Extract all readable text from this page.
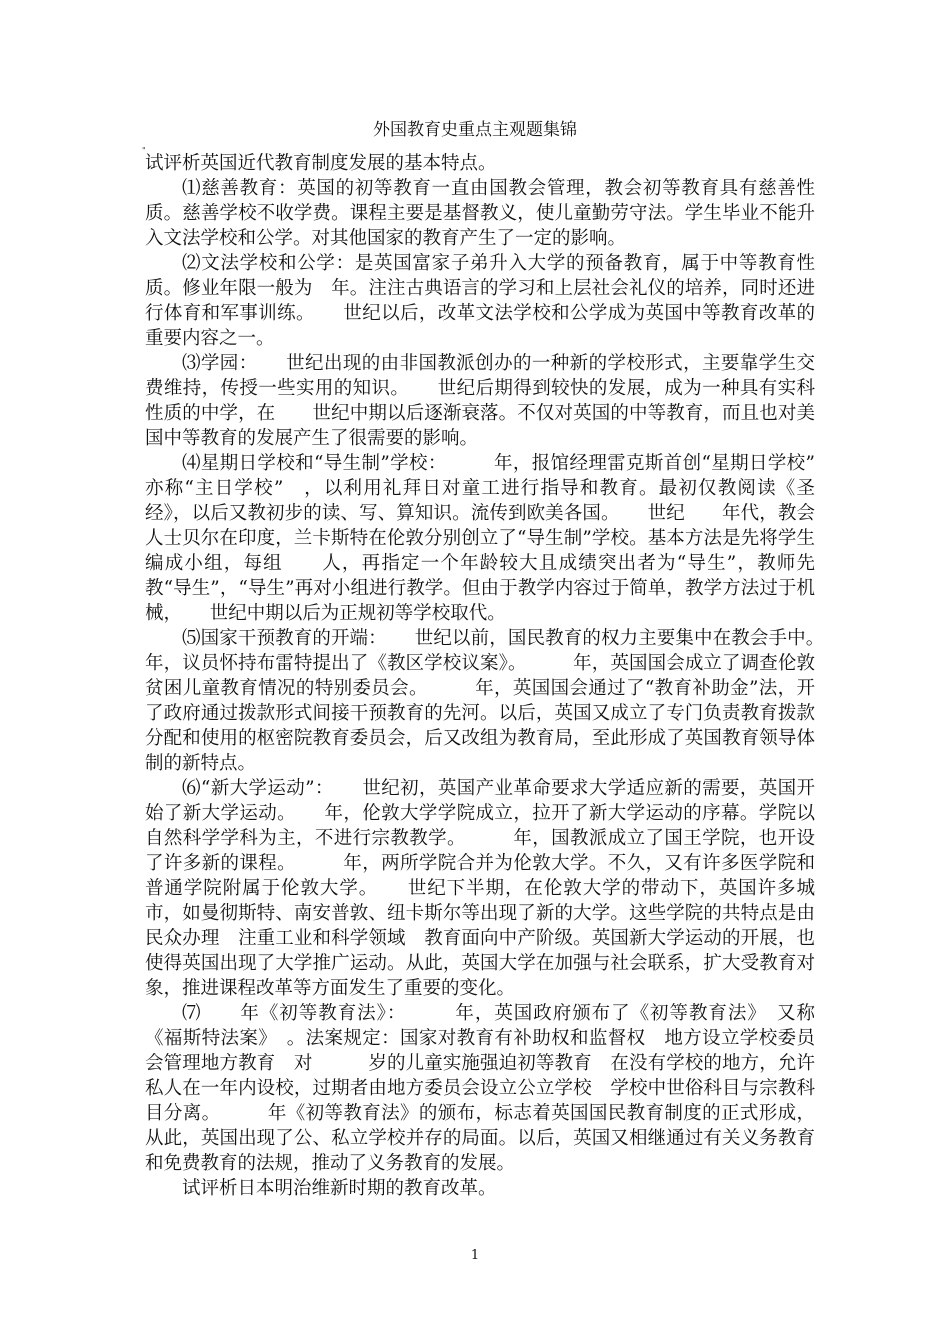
外国教育史重点主观题集锦
"

试评析英国近代教育制度发展的基本特点。

⑴慈善教育：英国的初等教育一直由国教会管理，教会初等教育具有慈善性质。慈善学校不收学费。课程主要是基督教义，使儿童勤劳守法。学生毕业不能升入文法学校和公学。对其他国家的教育产生了一定的影响。

⑵文法学校和公学：是英国富家子弟升入大学的预备教育，属于中等教育性质。修业年限一般为　年。注注古典语言的学习和上层社会礼仪的培养，同时还进行体育和军事训练。　　世纪以后，改革文法学校和公学成为英国中等教育改革的重要内容之一。

⑶学园：　　世纪出现的由非国教派创办的一种新的学校形式，主要靠学生交费维持，传授一些实用的知识。　　世纪后期得到较快的发展，成为一种具有实科性质的中学，在　　世纪中期以后逐渐衰落。不仅对英国的中等教育，而且也对美国中等教育的发展产生了很需要的影响。

⑷星期日学校和“导生制”学校：　　　年，报馆经理雷克斯首创“星期日学校”　亦称“主日学校”　，以利用礼拜日对童工进行指导和教育。最初仅教阅读《圣经》，以后又教初步的读、写、算知识。流传到欧美各国。　　世纪　　年代，教会人士贝尔在印度，兰卡斯特在伦敦分别创立了“导生制”学校。基本方法是先将学生编成小组，每组　　人，再指定一个年龄较大且成绩突出者为“导生”，教师先教“导生”，“导生”再对小组进行教学。但由于教学内容过于简单，教学方法过于机械，　　世纪中期以后为正规初等学校取代。

⑸国家干预教育的开端：　　世纪以前，国民教育的权力主要集中在教会手中。　　　年，议员怀持布雷特提出了《教区学校议案》。　　　年，英国国会成立了调查伦敦贫困儿童教育情况的特别委员会。　　　年，英国国会通过了“教育补助金”法，开了政府通过拨款形式间接干预教育的先河。以后，英国又成立了专门负责教育拨款分配和使用的枢密院教育委员会，后又改组为教育局，至此形成了英国教育领导体制的新特点。

⑹“新大学运动”：　　世纪初，英国产业革命要求大学适应新的需要，英国开始了新大学运动。　　年，伦敦大学学院成立，拉开了新大学运动的序幕。学院以自然科学学科为主，不进行宗教教学。　　　年，国教派成立了国王学院，也开设了许多新的课程。　　　年，两所学院合并为伦敦大学。不久，又有许多医学院和普通学院附属于伦敦大学。　　世纪下半期，在伦敦大学的带动下，英国许多城市，如曼彻斯特、南安普敦、纽卡斯尔等出现了新的大学。这些学院的共特点是由民众办理　注重工业和科学领域　教育面向中产阶级。英国新大学运动的开展，也使得英国出现了大学推广运动。从此，英国大学在加强与社会联系，扩大受教育对象，推进课程改革等方面发生了重要的变化。

⑺　　年《初等教育法》：　　　年，英国政府颁布了《初等教育法》　又称《福斯特法案》　。法案规定：国家对教育有补助权和监督权　地方设立学校委员会管理地方教育　对　　　岁的儿童实施强迫初等教育　在没有学校的地方，允许私人在一年内设校，过期者由地方委员会设立公立学校　学校中世俗科目与宗教科目分离。　　　年《初等教育法》的颁布，标志着英国国民教育制度的正式形成，从此，英国出现了公、私立学校并存的局面。以后，英国又相继通过有关义务教育和免费教育的法规，推动了义务教育的发展。

试评析日本明治维新时期的教育改革。

1
